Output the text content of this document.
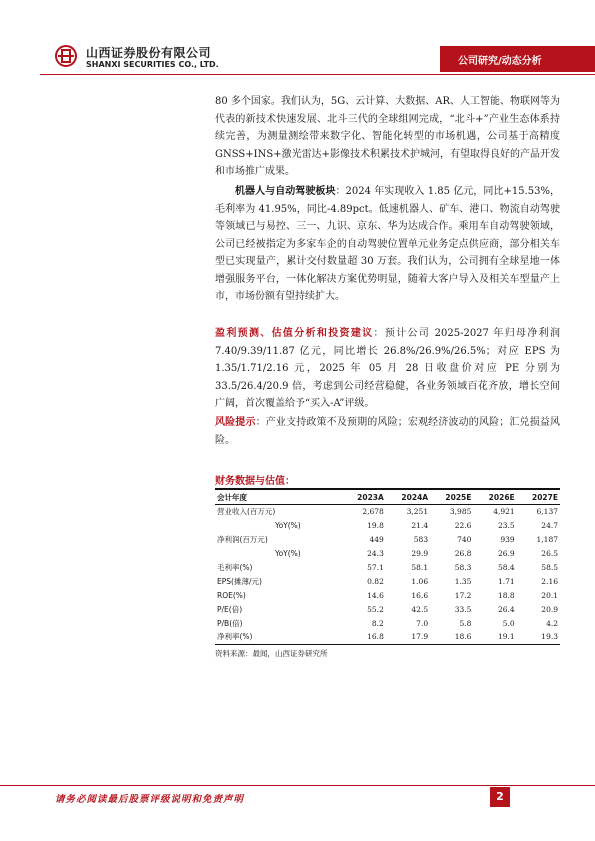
山西证券股份有限公司
SHANXI SECURITIES CO., LTD.	公司研究/动态分析
80 多个国家。我们认为，5G、云计算、大数据、AR、人工智能、物联网等为代表的新技术快速发展、北斗三代的全球组网完成，“北斗+”产业生态体系持续完善，为测量测绘带来数字化、智能化转型的市场机遇，公司基于高精度 GNSS+INS+激光雷达+影像技术积累技术护城河，有望取得良好的产品开发和市场推广成果。
机器人与自动驾驶板块：2024 年实现收入 1.85 亿元，同比+15.53%，毛利率为 41.95%，同比-4.89pct。低速机器人、矿车、港口、物流自动驾驶等领域已与易控、三一、九识、京东、华为达成合作。乘用车自动驾驶领域，公司已经被指定为多家车企的自动驾驶位置单元业务定点供应商，部分相关车型已实现量产，累计交付数量超 30 万套。我们认为，公司拥有全球星地一体增强服务平台，一体化解决方案优势明显，随着大客户导入及相关车型量产上市，市场份额有望持续扩大。
盈利预测、估值分析和投资建议：预计公司 2025-2027 年归母净利润 7.40/9.39/11.87 亿元，同比增长 26.8%/26.9%/26.5%；对应 EPS 为 1.35/1.71/2.16 元，2025 年 05 月 28 日收盘价对应 PE 分别为 33.5/26.4/20.9 倍，考虑到公司经营稳健，各业务领域百花齐放，增长空间广阔，首次覆盖给予“买入-A”评级。
风险提示：产业支持政策不及预期的风险；宏观经济波动的风险；汇兑损益风险。
财务数据与估值：
会计年度	2023A	2024A	2025E	2026E	2027E
营业收入(百万元)	2,678	3,251	3,985	4,921	6,137
YoY(%)	19.8	21.4	22.6	23.5	24.7
净利润(百万元)	449	583	740	939	1,187
YoY(%)	24.3	29.9	26.8	26.9	26.5
毛利率(%)	57.1	58.1	58.3	58.4	58.5
EPS(摊薄/元)	0.82	1.06	1.35	1.71	2.16
ROE(%)	14.6	16.6	17.2	18.8	20.1
P/E(倍)	55.2	42.5	33.5	26.4	20.9
P/B(倍)	8.2	7.0	5.8	5.0	4.2
净利率(%)	16.8	17.9	18.6	19.1	19.3
资料来源：最闻，山西证券研究所
请务必阅读最后股票评级说明和免责声明	2
